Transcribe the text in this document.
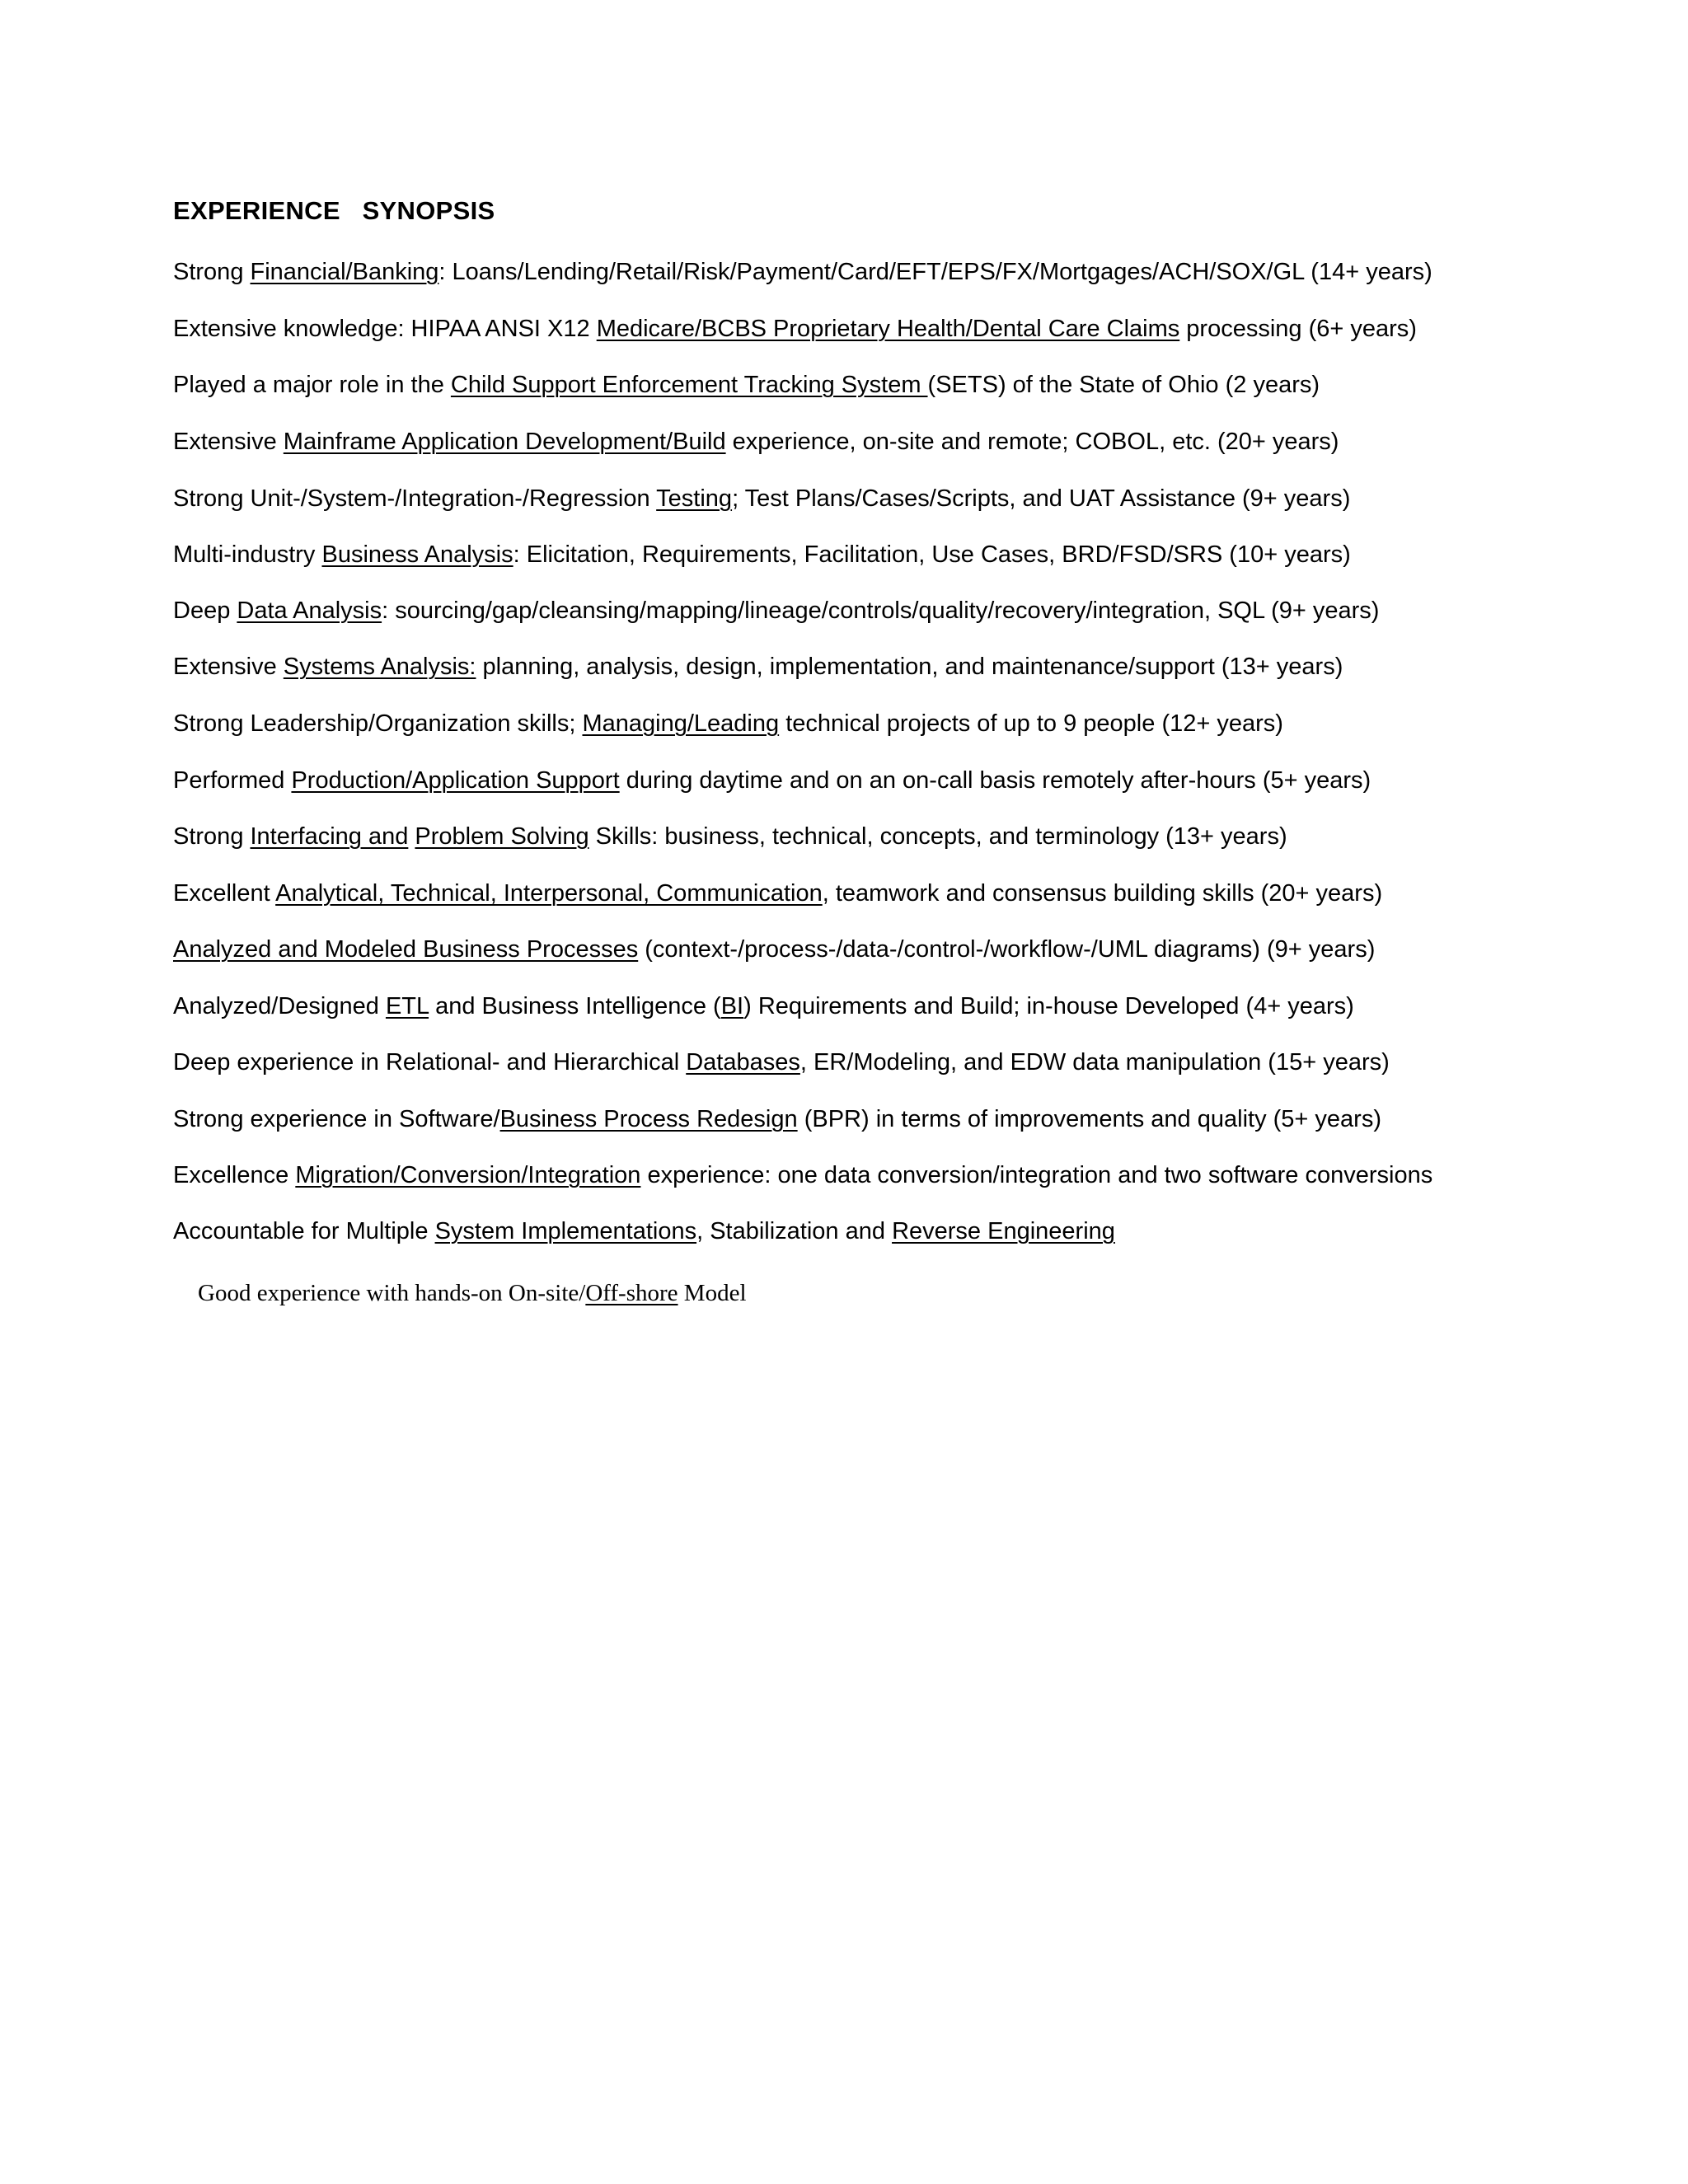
EXPERIENCE   SYNOPSIS
Strong Financial/Banking: Loans/Lending/Retail/Risk/Payment/Card/EFT/EPS/FX/Mortgages/ACH/SOX/GL (14+ years)
Extensive knowledge: HIPAA ANSI X12 Medicare/BCBS Proprietary Health/Dental Care Claims processing (6+ years)
Played a major role in the Child Support Enforcement Tracking System (SETS) of the State of Ohio (2 years)
Extensive Mainframe Application Development/Build experience, on-site and remote; COBOL, etc. (20+ years)
Strong Unit-/System-/Integration-/Regression Testing; Test Plans/Cases/Scripts, and UAT Assistance (9+ years)
Multi-industry Business Analysis: Elicitation, Requirements, Facilitation, Use Cases, BRD/FSD/SRS (10+ years)
Deep Data Analysis: sourcing/gap/cleansing/mapping/lineage/controls/quality/recovery/integration, SQL (9+ years)
Extensive Systems Analysis: planning, analysis, design, implementation, and maintenance/support (13+ years)
Strong Leadership/Organization skills; Managing/Leading technical projects of up to 9 people (12+ years)
Performed Production/Application Support during daytime and on an on-call basis remotely after-hours (5+ years)
Strong Interfacing and Problem Solving Skills: business, technical, concepts, and terminology (13+ years)
Excellent Analytical, Technical, Interpersonal, Communication, teamwork and consensus building skills (20+ years)
Analyzed and Modeled Business Processes (context-/process-/data-/control-/workflow-/UML diagrams) (9+ years)
Analyzed/Designed ETL and Business Intelligence (BI) Requirements and Build; in-house Developed (4+ years)
Deep experience in Relational- and Hierarchical Databases, ER/Modeling, and EDW data manipulation (15+ years)
Strong experience in Software/Business Process Redesign (BPR) in terms of improvements and quality (5+ years)
Excellence Migration/Conversion/Integration experience: one data conversion/integration and two software conversions
Accountable for Multiple System Implementations, Stabilization and Reverse Engineering
Good experience with hands-on On-site/Off-shore Model
